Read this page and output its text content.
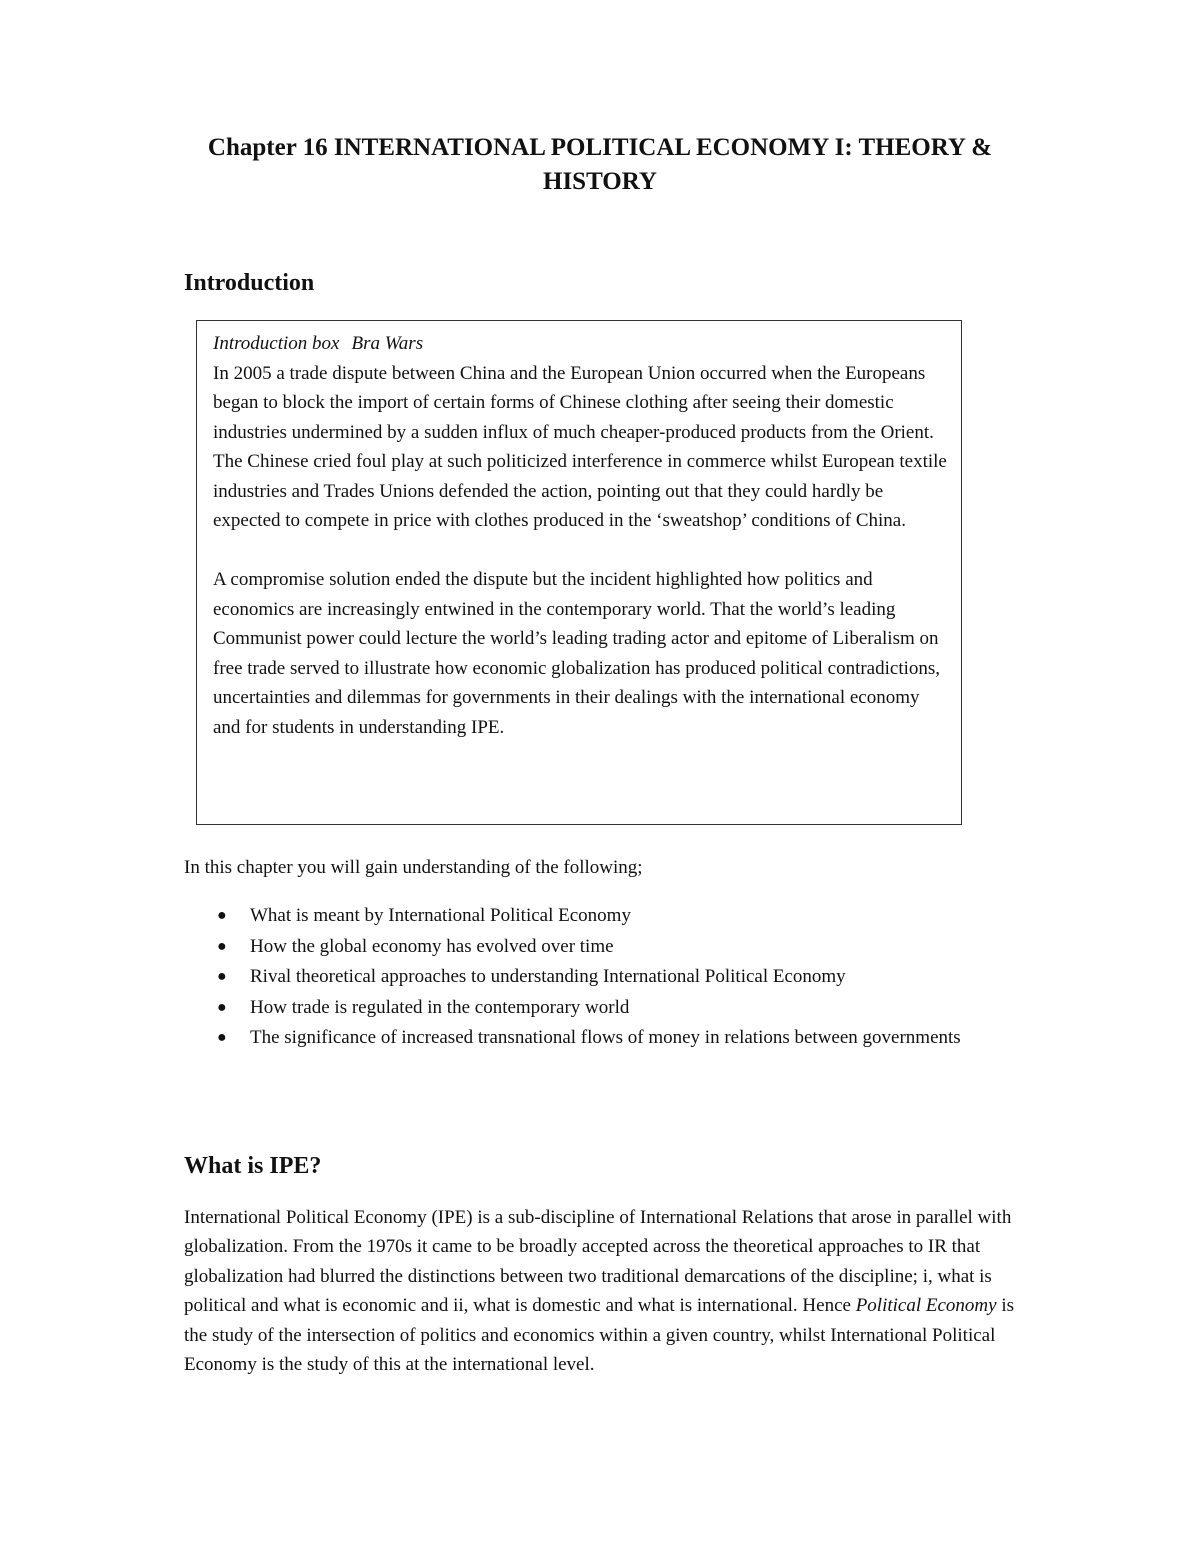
Chapter 16 INTERNATIONAL POLITICAL ECONOMY I: THEORY & HISTORY
Introduction

Introduction box Bra Wars

In 2005 a trade dispute between China and the European Union occurred when the Europeans began to block the import of certain forms of Chinese clothing after seeing their domestic industries undermined by a sudden influx of much cheaper-produced products from the Orient. The Chinese cried foul play at such politicized interference in commerce whilst European textile industries and Trades Unions defended the action, pointing out that they could hardly be expected to compete in price with clothes produced in the ‘sweatshop’ conditions of China.

A compromise solution ended the dispute but the incident highlighted how politics and economics are increasingly entwined in the contemporary world. That the world’s leading Communist power could lecture the world’s leading trading actor and epitome of Liberalism on free trade served to illustrate how economic globalization has produced political contradictions, uncertainties and dilemmas for governments in their dealings with the international economy and for students in understanding IPE.

In this chapter you will gain understanding of the following;

● What is meant by International Political Economy
● How the global economy has evolved over time
● Rival theoretical approaches to understanding International Political Economy
● How trade is regulated in the contemporary world
● The significance of increased transnational flows of money in relations between governments
What is IPE?

International Political Economy (IPE) is a sub-discipline of International Relations that arose in parallel with globalization. From the 1970s it came to be broadly accepted across the theoretical approaches to IR that globalization had blurred the distinctions between two traditional demarcations of the discipline; i, what is political and what is economic and ii, what is domestic and what is international. Hence Political Economy is the study of the intersection of politics and economics within a given country, whilst International Political Economy is the study of this at the international level.
